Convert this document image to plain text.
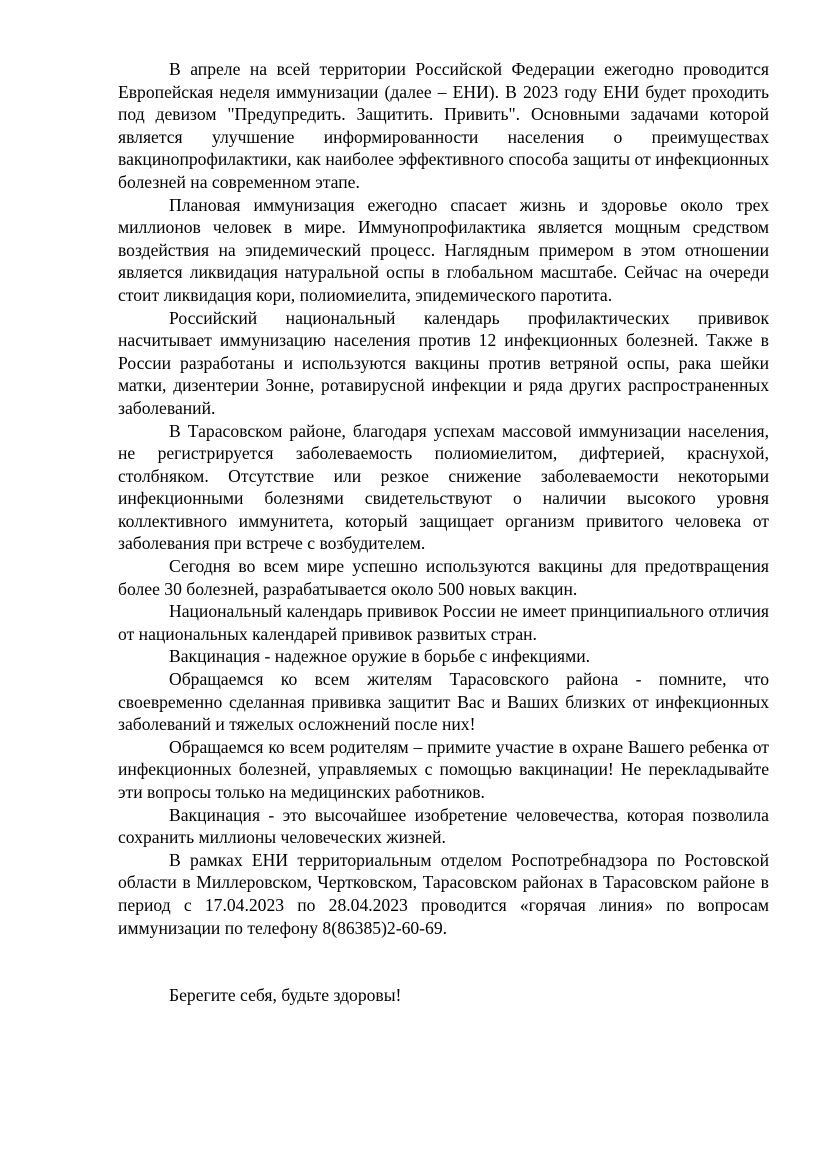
В апреле на всей территории Российской Федерации ежегодно проводится Европейская неделя иммунизации (далее – ЕНИ). В 2023 году ЕНИ будет проходить под девизом "Предупредить. Защитить. Привить". Основными задачами которой является улучшение информированности населения о преимуществах вакцинопрофилактики, как наиболее эффективного способа защиты от инфекционных болезней на современном этапе.

Плановая иммунизация ежегодно спасает жизнь и здоровье около трех миллионов человек в мире. Иммунопрофилактика является мощным средством воздействия на эпидемический процесс. Наглядным примером в этом отношении является ликвидация натуральной оспы в глобальном масштабе. Сейчас на очереди стоит ликвидация кори, полиомиелита, эпидемического паротита.

Российский национальный календарь профилактических прививок насчитывает иммунизацию населения против 12 инфекционных болезней. Также в России разработаны и используются вакцины против ветряной оспы, рака шейки матки, дизентерии Зонне, ротавирусной инфекции и ряда других распространенных заболеваний.

В Тарасовском районе, благодаря успехам массовой иммунизации населения, не регистрируется заболеваемость полиомиелитом, дифтерией, краснухой, столбняком. Отсутствие или резкое снижение заболеваемости некоторыми инфекционными болезнями свидетельствуют о наличии высокого уровня коллективного иммунитета, который защищает организм привитого человека от заболевания при встрече с возбудителем.

Сегодня во всем мире успешно используются вакцины для предотвращения более 30 болезней, разрабатывается около 500 новых вакцин.

Национальный календарь прививок России не имеет принципиального отличия от национальных календарей прививок развитых стран.

Вакцинация ‑ надежное оружие в борьбе с инфекциями.

Обращаемся ко всем жителям Тарасовского района ‑ помните, что своевременно сделанная прививка защитит Вас и Ваших близких от инфекционных заболеваний и тяжелых осложнений после них!

Обращаемся ко всем родителям – примите участие в охране Вашего ребенка от инфекционных болезней, управляемых с помощью вакцинации! Не перекладывайте эти вопросы только на медицинских работников.

Вакцинация ‑ это высочайшее изобретение человечества, которая позволила сохранить миллионы человеческих жизней.

В рамках ЕНИ территориальным отделом Роспотребнадзора по Ростовской области в Миллеровском, Чертковском, Тарасовском районах в Тарасовском районе в период с 17.04.2023 по 28.04.2023 проводится «горячая линия» по вопросам иммунизации по телефону 8(86385)2‑60‑69.

Берегите себя, будьте здоровы!
